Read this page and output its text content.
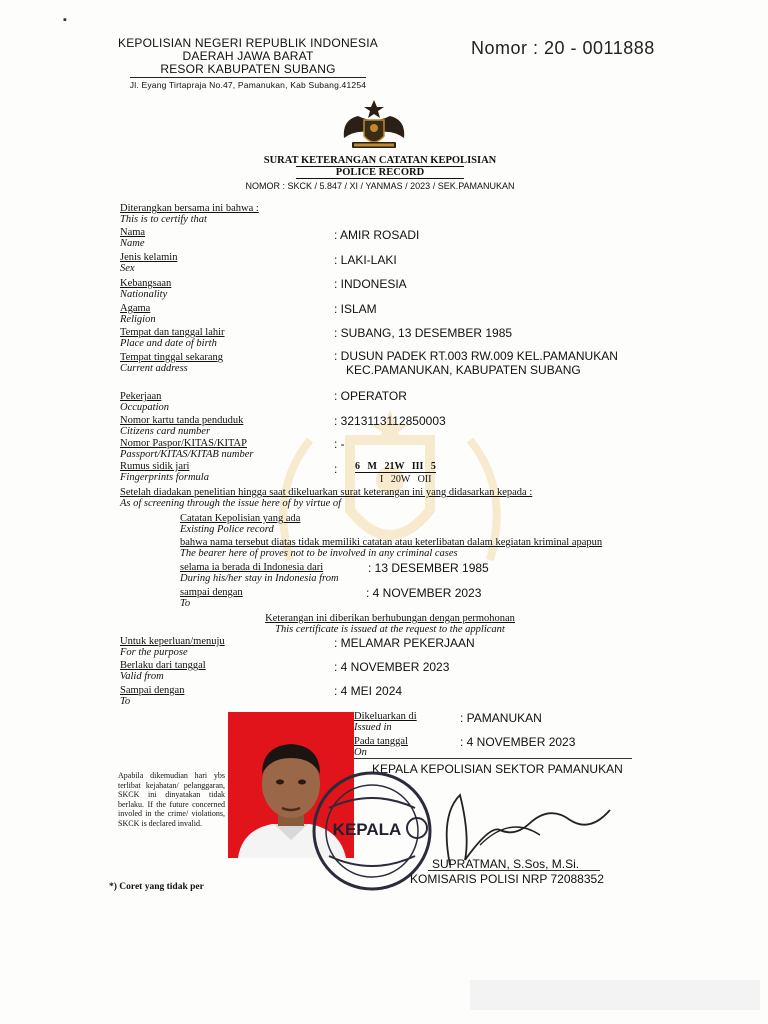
▪
KEPOLISIAN NEGERI REPUBLIK INDONESIA
DAERAH JAWA BARAT
RESOR KABUPATEN SUBANG
Jl. Eyang Tirtapraja No.47, Pamanukan, Kab Subang.41254
Nomor : 20 - 0011888
SURAT KETERANGAN CATATAN KEPOLISIAN
POLICE RECORD
NOMOR : SKCK / 5.847 / XI / YANMAS / 2023 / SEK.PAMANUKAN
Diterangkan bersama ini bahwa :
This is to certify that
Nama
Name
: AMIR ROSADI
Jenis kelamin
Sex
: LAKI-LAKI
Kebangsaan
Nationality
: INDONESIA
Agama
Religion
: ISLAM
Tempat dan tanggal lahir
Place and date of birth
: SUBANG, 13 DESEMBER 1985
Tempat tinggal sekarang
Current address
: DUSUN PADEK RT.003 RW.009 KEL.PAMANUKAN
KEC.PAMANUKAN, KABUPATEN SUBANG
Pekerjaan
Occupation
: OPERATOR
Nomor kartu tanda penduduk
Citizens card number
: 3213113112850003
Nomor Paspor/KITAS/KITAP
Passport/KITAS/KITAB number
: -
Rumus sidik jari
Fingerprints formula
: 6   M   21W   III   5
I   20W   OII
Setelah diadakan penelitian hingga saat dikeluarkan surat keterangan ini yang didasarkan kepada :
As of screening through the issue here of by virtue of
Catatan Kepolisian yang ada
Existing Police record
bahwa nama tersebut diatas tidak memiliki catatan atau keterlibatan dalam kegiatan kriminal apapun
The bearer here of proves not to be involved in any criminal cases
selama ia berada di Indonesia dari
During his/her stay in Indonesia from
: 13 DESEMBER 1985
sampai dengan
To
: 4 NOVEMBER 2023
Keterangan ini diberikan berhubungan dengan permohonan
This certificate is issued at the request to the applicant
Untuk keperluan/menuju
For the purpose
: MELAMAR PEKERJAAN
Berlaku dari tanggal
Valid from
: 4 NOVEMBER 2023
Sampai dengan
To
: 4 MEI 2024
Dikeluarkan di
Issued in
: PAMANUKAN
Pada tanggal
On
: 4 NOVEMBER 2023
KEPALA KEPOLISIAN SEKTOR PAMANUKAN
KEPALA
SUPRATMAN, S.Sos, M.Si.
KOMISARIS POLISI NRP 72088352
Apabila dikemudian hari ybs terlibat kejahatan/ pelanggaran, SKCK ini dinyatakan tidak berlaku. If the future concerned involed in the crime/ violations, SKCK is declared invalid.
*) Coret yang tidak per
